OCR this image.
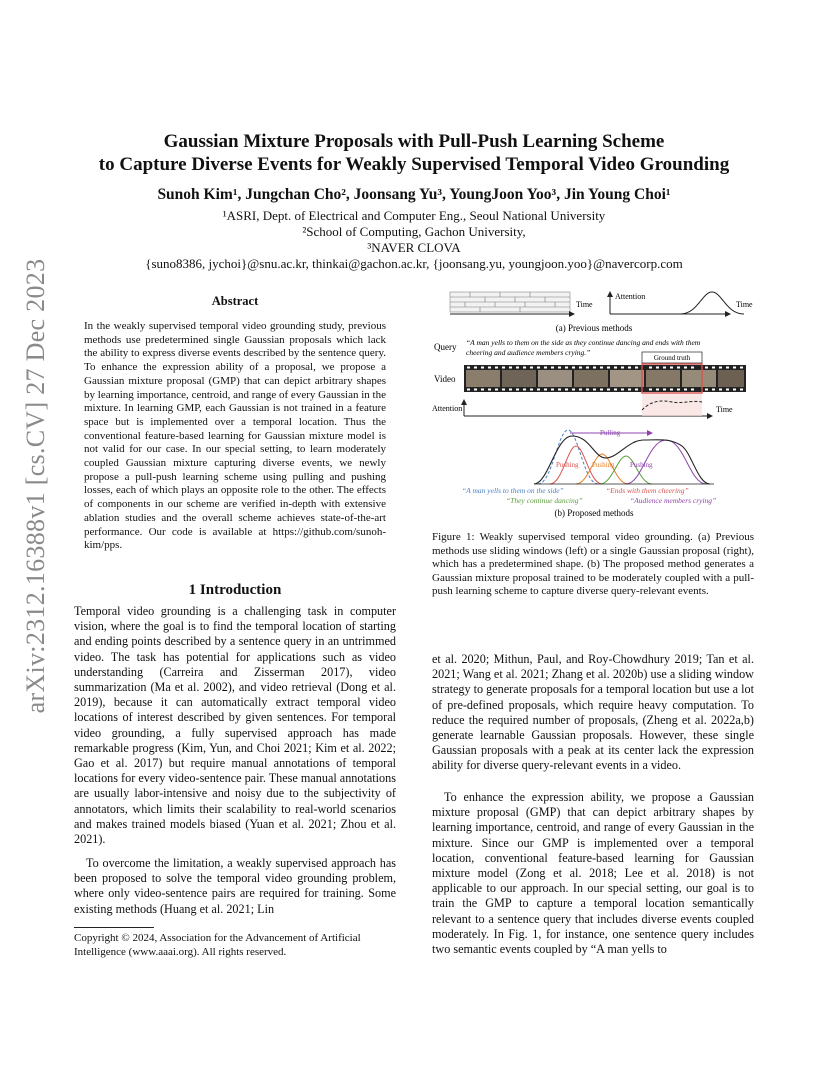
arXiv:2312.16388v1 [cs.CV] 27 Dec 2023
Gaussian Mixture Proposals with Pull-Push Learning Scheme
to Capture Diverse Events for Weakly Supervised Temporal Video Grounding
Sunoh Kim¹, Jungchan Cho², Joonsang Yu³, YoungJoon Yoo³, Jin Young Choi¹
¹ASRI, Dept. of Electrical and Computer Eng., Seoul National University
²School of Computing, Gachon University,
³NAVER CLOVA
{suno8386, jychoi}@snu.ac.kr, thinkai@gachon.ac.kr, {joonsang.yu, youngjoon.yoo}@navercorp.com
Abstract
In the weakly supervised temporal video grounding study, previous methods use predetermined single Gaussian proposals which lack the ability to express diverse events described by the sentence query. To enhance the expression ability of a proposal, we propose a Gaussian mixture proposal (GMP) that can depict arbitrary shapes by learning importance, centroid, and range of every Gaussian in the mixture. In learning GMP, each Gaussian is not trained in a feature space but is implemented over a temporal location. Thus the conventional feature-based learning for Gaussian mixture model is not valid for our case. In our special setting, to learn moderately coupled Gaussian mixture capturing diverse events, we newly propose a pull-push learning scheme using pulling and pushing losses, each of which plays an opposite role to the other. The effects of components in our scheme are verified in-depth with extensive ablation studies and the overall scheme achieves state-of-the-art performance. Our code is available at https://github.com/sunoh-kim/pps.
1 Introduction
Temporal video grounding is a challenging task in computer vision, where the goal is to find the temporal location of starting and ending points described by a sentence query in an untrimmed video. The task has potential for applications such as video understanding (Carreira and Zisserman 2017), video summarization (Ma et al. 2002), and video retrieval (Dong et al. 2019), because it can automatically extract temporal video locations of interest described by given sentences. For temporal video grounding, a fully supervised approach has made remarkable progress (Kim, Yun, and Choi 2021; Kim et al. 2022; Gao et al. 2017) but require manual annotations of temporal locations for every video-sentence pair. These manual annotations are usually labor-intensive and noisy due to the subjectivity of annotators, which limits their scalability to real-world scenarios and makes trained models biased (Yuan et al. 2021; Zhou et al. 2021).
To overcome the limitation, a weakly supervised approach has been proposed to solve the temporal video grounding problem, where only video-sentence pairs are required for training. Some existing methods (Huang et al. 2021; Lin
Copyright © 2024, Association for the Advancement of Artificial Intelligence (www.aaai.org). All rights reserved.
Time
Attention
Time
(a) Previous methods
Query “A man yells to them on the side as they continue dancing and ends with them
cheering and audience members crying.”
Ground truth
Video
Attention	Time
Pulling
Pushing Pushing Pushing
“A man yells to them on the side”	“Ends with them cheering”
“They continue dancing”	“Audience members crying”
(b) Proposed methods
Figure 1: Weakly supervised temporal video grounding. (a) Previous methods use sliding windows (left) or a single Gaussian proposal (right), which has a predetermined shape. (b) The proposed method generates a Gaussian mixture proposal trained to be moderately coupled with a pull-push learning scheme to capture diverse query-relevant events.
et al. 2020; Mithun, Paul, and Roy-Chowdhury 2019; Tan et al. 2021; Wang et al. 2021; Zhang et al. 2020b) use a sliding window strategy to generate proposals for a temporal location but use a lot of pre-defined proposals, which require heavy computation. To reduce the required number of proposals, (Zheng et al. 2022a,b) generate learnable Gaussian proposals. However, these single Gaussian proposals with a peak at its center lack the expression ability for diverse query-relevant events in a video.
To enhance the expression ability, we propose a Gaussian mixture proposal (GMP) that can depict arbitrary shapes by learning importance, centroid, and range of every Gaussian in the mixture. Since our GMP is implemented over a temporal location, conventional feature-based learning for Gaussian mixture model (Zong et al. 2018; Lee et al. 2018) is not applicable to our approach. In our special setting, our goal is to train the GMP to capture a temporal location semantically relevant to a sentence query that includes diverse events coupled moderately. In Fig. 1, for instance, one sentence query includes two semantic events coupled by “A man yells to
